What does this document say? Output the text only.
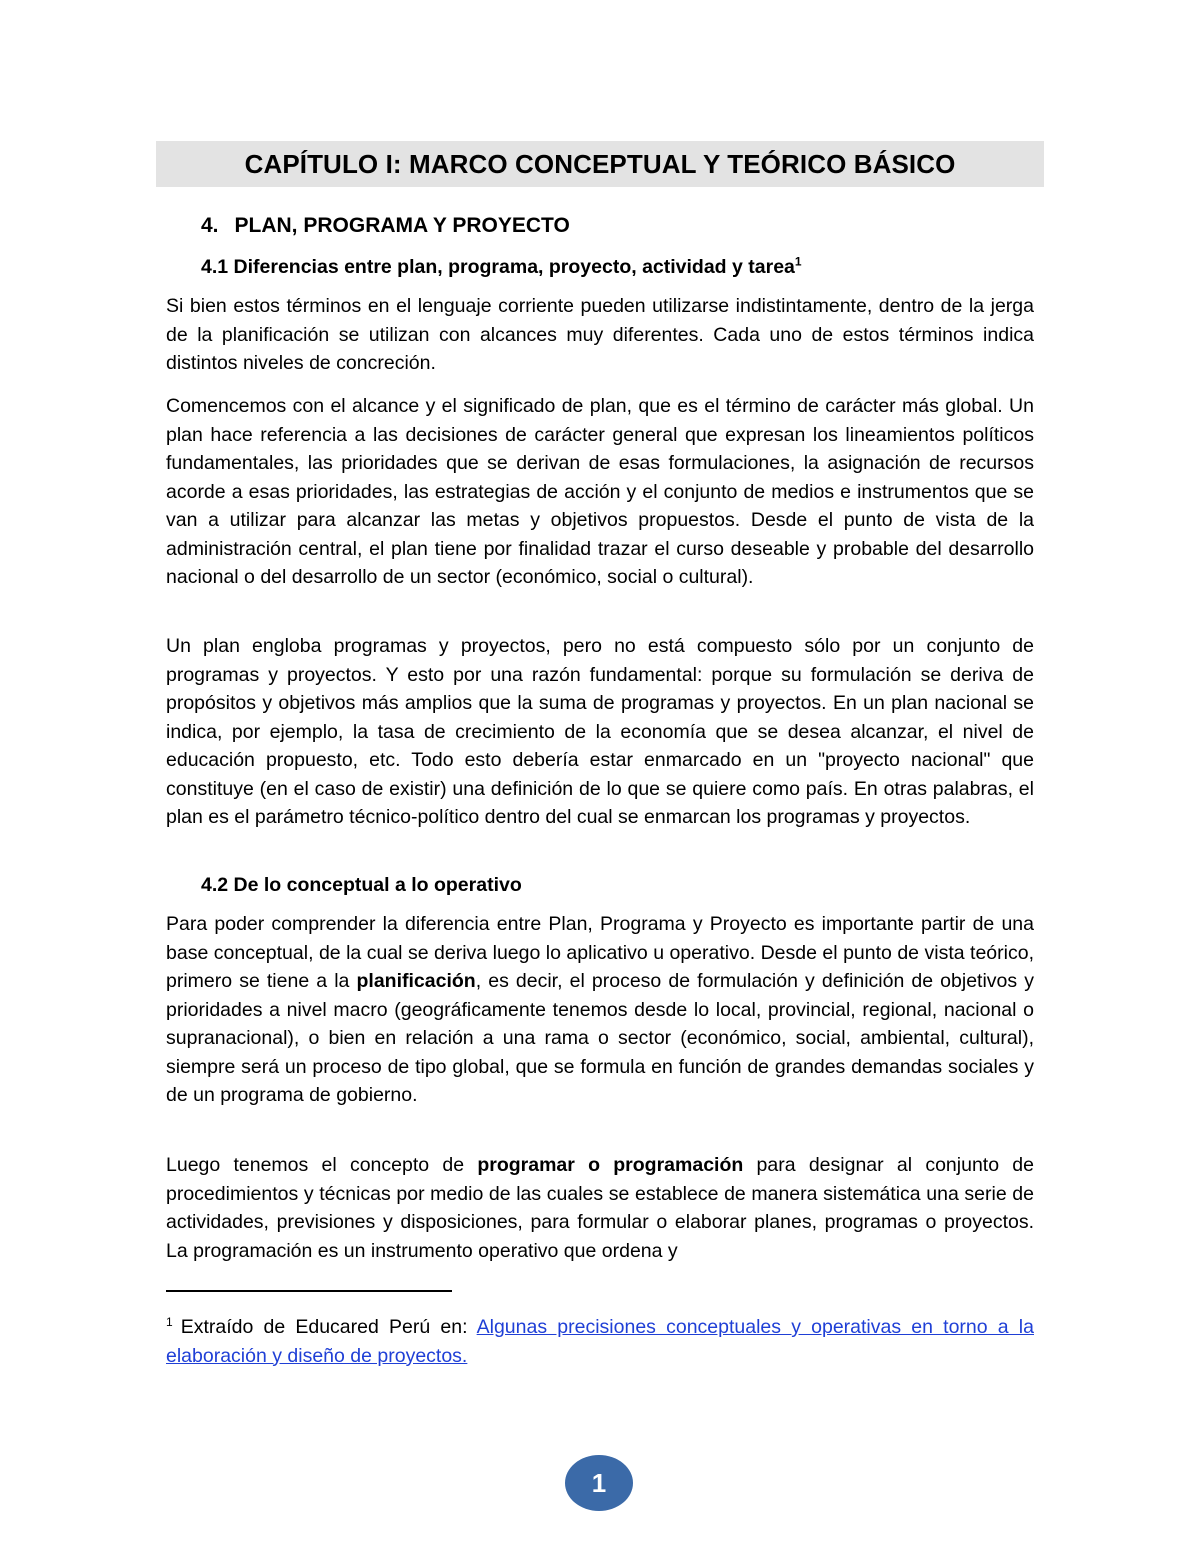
CAPÍTULO I: MARCO CONCEPTUAL Y TEÓRICO BÁSICO
4. PLAN, PROGRAMA Y PROYECTO
4.1 Diferencias entre plan, programa, proyecto, actividad y tarea$^1$

Si bien estos términos en el lenguaje corriente pueden utilizarse indistintamente, dentro de la jerga de la planificación se utilizan con alcances muy diferentes. Cada uno de estos términos indica distintos niveles de concreción.

Comencemos con el alcance y el significado de plan, que es el término de carácter más global. Un plan hace referencia a las decisiones de carácter general que expresan los lineamientos políticos fundamentales, las prioridades que se derivan de esas formulaciones, la asignación de recursos acorde a esas prioridades, las estrategias de acción y el conjunto de medios e instrumentos que se van a utilizar para alcanzar las metas y objetivos propuestos. Desde el punto de vista de la administración central, el plan tiene por finalidad trazar el curso deseable y probable del desarrollo nacional o del desarrollo de un sector (económico, social o cultural).

Un plan engloba programas y proyectos, pero no está compuesto sólo por un conjunto de programas y proyectos. Y esto por una razón fundamental: porque su formulación se deriva de propósitos y objetivos más amplios que la suma de programas y proyectos. En un plan nacional se indica, por ejemplo, la tasa de crecimiento de la economía que se desea alcanzar, el nivel de educación propuesto, etc. Todo esto debería estar enmarcado en un "proyecto nacional" que constituye (en el caso de existir) una definición de lo que se quiere como país. En otras palabras, el plan es el parámetro técnico-político dentro del cual se enmarcan los programas y proyectos.

4.2 De lo conceptual a lo operativo

Para poder comprender la diferencia entre Plan, Programa y Proyecto es importante partir de una base conceptual, de la cual se deriva luego lo aplicativo u operativo. Desde el punto de vista teórico, primero se tiene a la planificación, es decir, el proceso de formulación y definición de objetivos y prioridades a nivel macro (geográficamente tenemos desde lo local, provincial, regional, nacional o supranacional), o bien en relación a una rama o sector (económico, social, ambiental, cultural), siempre será un proceso de tipo global, que se formula en función de grandes demandas sociales y de un programa de gobierno.

Luego tenemos el concepto de programar o programación para designar al conjunto de procedimientos y técnicas por medio de las cuales se establece de manera sistemática una serie de actividades, previsiones y disposiciones, para formular o elaborar planes, programas o proyectos. La programación es un instrumento operativo que ordena y

$^1$ Extraído de Educared Perú en: Algunas precisiones conceptuales y operativas en torno a la elaboración y diseño de proyectos.

1
